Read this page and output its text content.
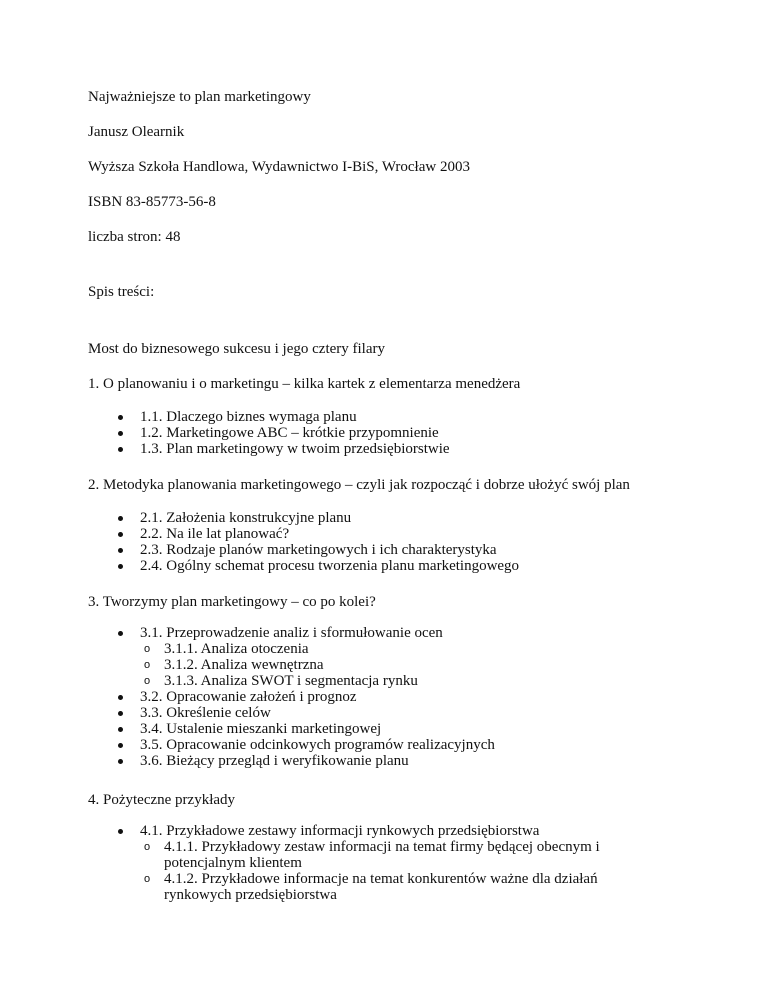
Najważniejsze to plan marketingowy

Janusz Olearnik

Wyższa Szkoła Handlowa, Wydawnictwo I-BiS, Wrocław 2003

ISBN 83-85773-56-8

liczba stron: 48

Spis treści:

Most do biznesowego sukcesu i jego cztery filary

1. O planowaniu i o marketingu – kilka kartek z elementarza menedżera

1.1. Dlaczego biznes wymaga planu
1.2. Marketingowe ABC – krótkie przypomnienie
1.3. Plan marketingowy w twoim przedsiębiorstwie

2. Metodyka planowania marketingowego – czyli jak rozpocząć i dobrze ułożyć swój plan

2.1. Założenia konstrukcyjne planu
2.2. Na ile lat planować?
2.3. Rodzaje planów marketingowych i ich charakterystyka
2.4. Ogólny schemat procesu tworzenia planu marketingowego

3. Tworzymy plan marketingowy – co po kolei?

3.1. Przeprowadzenie analiz i sformułowanie ocen
o 3.1.1. Analiza otoczenia
o 3.1.2. Analiza wewnętrzna
o 3.1.3. Analiza SWOT i segmentacja rynku
3.2. Opracowanie założeń i prognoz
3.3. Określenie celów
3.4. Ustalenie mieszanki marketingowej
3.5. Opracowanie odcinkowych programów realizacyjnych
3.6. Bieżący przegląd i weryfikowanie planu

4. Pożyteczne przykłady

4.1. Przykładowe zestawy informacji rynkowych przedsiębiorstwa
o 4.1.1. Przykładowy zestaw informacji na temat firmy będącej obecnym i potencjalnym klientem
o 4.1.2. Przykładowe informacje na temat konkurentów ważne dla działań rynkowych przedsiębiorstwa
